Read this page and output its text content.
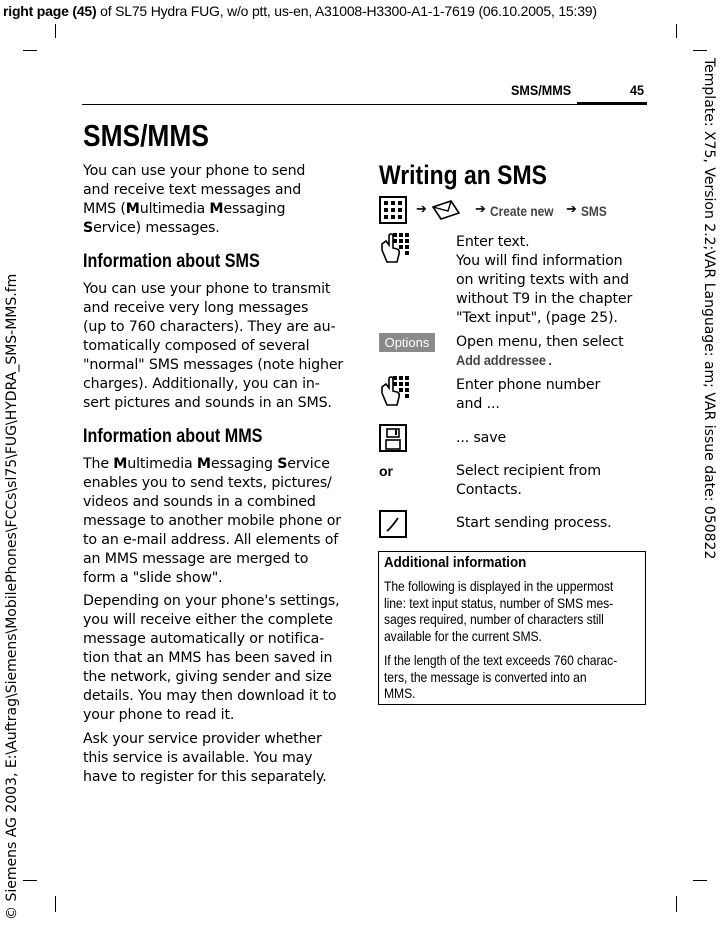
right page (45) of SL75 Hydra FUG, w/o ptt, us-en, A31008-H3300-A1-1-7619 (06.10.2005, 15:39)
Template: X75, Version 2.2;VAR Language: am; VAR issue date: 050822
© Siemens AG 2003, E:\Auftrag\Siemens\MobilePhones\FCCs\sl75\FUG\HYDRA_SMS-MMS.fm
SMS/MMS	45
SMS/MMS
You can use your phone to send
and receive text messages and
MMS (Multimedia Messaging
Service) messages.
Information about SMS
You can use your phone to transmit
and receive very long messages
(up to 760 characters). They are au-
tomatically composed of several
"normal" SMS messages (note higher
charges). Additionally, you can in-
sert pictures and sounds in an SMS.
Information about MMS
The Multimedia Messaging Service
enables you to send texts, pictures/
videos and sounds in a combined
message to another mobile phone or
to an e-mail address. All elements of
an MMS message are merged to
form a "slide show".
Depending on your phone's settings,
you will receive either the complete
message automatically or notifica-
tion that an MMS has been saved in
the network, giving sender and size
details. You may then download it to
your phone to read it.
Ask your service provider whether
this service is available. You may
have to register for this separately.
Writing an SMS
➔	➔ Create new ➔ SMS
Enter text.
You will find information
on writing texts with and
without T9 in the chapter
"Text input", (page 25).
Options	Open menu, then select
Add addressee .
Enter phone number
and ...
... save
or	Select recipient from
Contacts.
Start sending process.
Additional information
The following is displayed in the uppermost
line: text input status, number of SMS mes-
sages required, number of characters still
available for the current SMS.
If the length of the text exceeds 760 charac-
ters, the message is converted into an
MMS.
